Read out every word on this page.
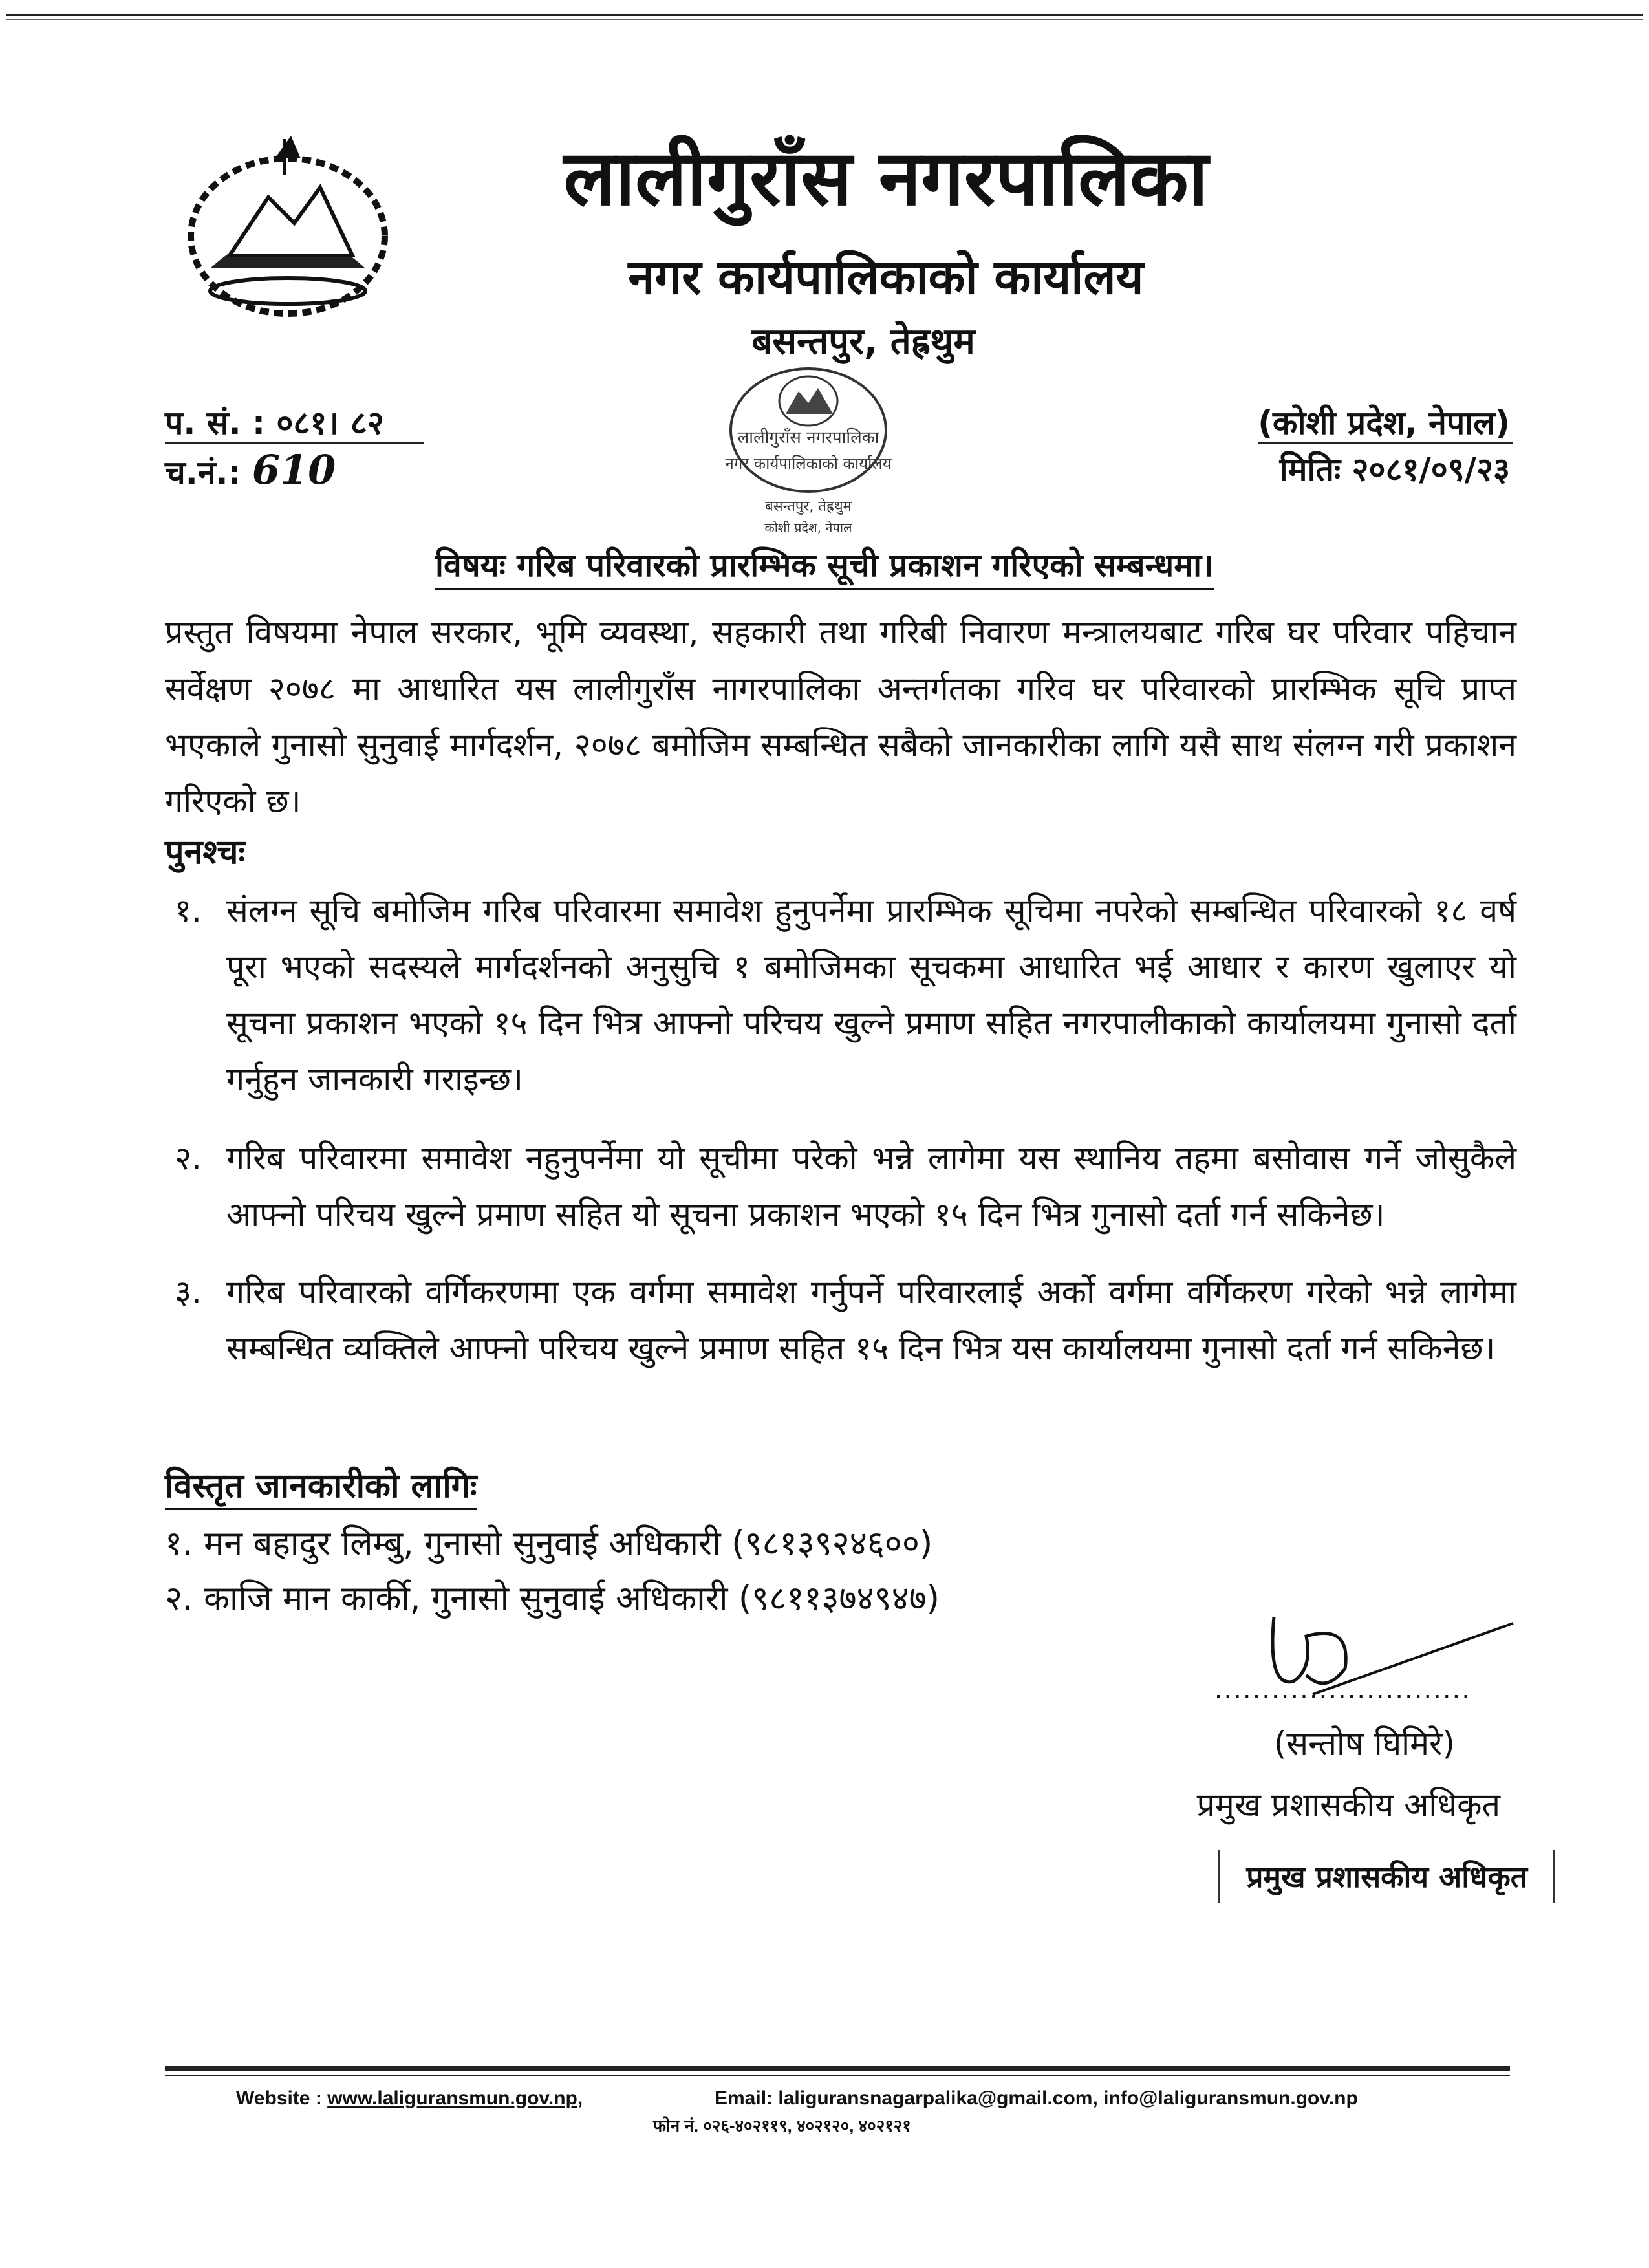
लालीगुराँस नगरपालिका
नगर कार्यपालिकाको कार्यालय
बसन्तपुर, तेह्रथुम
प. सं. : ०८१। ८२
च.नं.: 610
(कोशी प्रदेश, नेपाल)
मितिः २०८१/०९/२३
लालीगुराँस नगरपालिका
नगर कार्यपालिकाको कार्यालय
बसन्तपुर, तेह्रथुम
कोशी प्रदेश, नेपाल
विषयः गरिब परिवारको प्रारम्भिक सूची प्रकाशन गरिएको सम्बन्धमा।
प्रस्तुत विषयमा नेपाल सरकार, भूमि व्यवस्था, सहकारी तथा गरिबी निवारण मन्त्रालयबाट गरिब घर परिवार पहिचान सर्वेक्षण २०७८ मा आधारित यस लालीगुराँस नागरपालिका अन्तर्गतका गरिव घर परिवारको प्रारम्भिक सूचि प्राप्त भएकाले गुनासो सुनुवाई मार्गदर्शन, २०७८ बमोजिम सम्बन्धित सबैको जानकारीका लागि यसै साथ संलग्न गरी प्रकाशन गरिएको छ।
पुनश्चः
१. संलग्न सूचि बमोजिम गरिब परिवारमा समावेश हुनुपर्नेमा प्रारम्भिक सूचिमा नपरेको सम्बन्धित परिवारको १८ वर्ष पूरा भएको सदस्यले मार्गदर्शनको अनुसुचि १ बमोजिमका सूचकमा आधारित भई आधार र कारण खुलाएर यो सूचना प्रकाशन भएको १५ दिन भित्र आफ्नो परिचय खुल्ने प्रमाण सहित नगरपालीकाको कार्यालयमा गुनासो दर्ता गर्नुहुन जानकारी गराइन्छ।
२. गरिब परिवारमा समावेश नहुनुपर्नेमा यो सूचीमा परेको भन्ने लागेमा यस स्थानिय तहमा बसोवास गर्ने जोसुकैले आफ्नो परिचय खुल्ने प्रमाण सहित यो सूचना प्रकाशन भएको १५ दिन भित्र गुनासो दर्ता गर्न सकिनेछ।
३. गरिब परिवारको वर्गिकरणमा एक वर्गमा समावेश गर्नुपर्ने परिवारलाई अर्को वर्गमा वर्गिकरण गरेको भन्ने लागेमा सम्बन्धित व्यक्तिले आफ्नो परिचय खुल्ने प्रमाण सहित १५ दिन भित्र यस कार्यालयमा गुनासो दर्ता गर्न सकिनेछ।
विस्तृत जानकारीको लागिः
१. मन बहादुर लिम्बु, गुनासो सुनुवाई अधिकारी (९८१३९२४६००)
२. काजि मान कार्की, गुनासो सुनुवाई अधिकारी (९८११३७४९४७)
...........................
(सन्तोष घिमिरे)
प्रमुख प्रशासकीय अधिकृत
प्रमुख प्रशासकीय अधिकृत
Website : www.laliguransmun.gov.np,	Email: laliguransnagarpalika@gmail.com, info@laliguransmun.gov.np
फोन नं. ०२६-४०२११९, ४०२१२०, ४०२१२१
